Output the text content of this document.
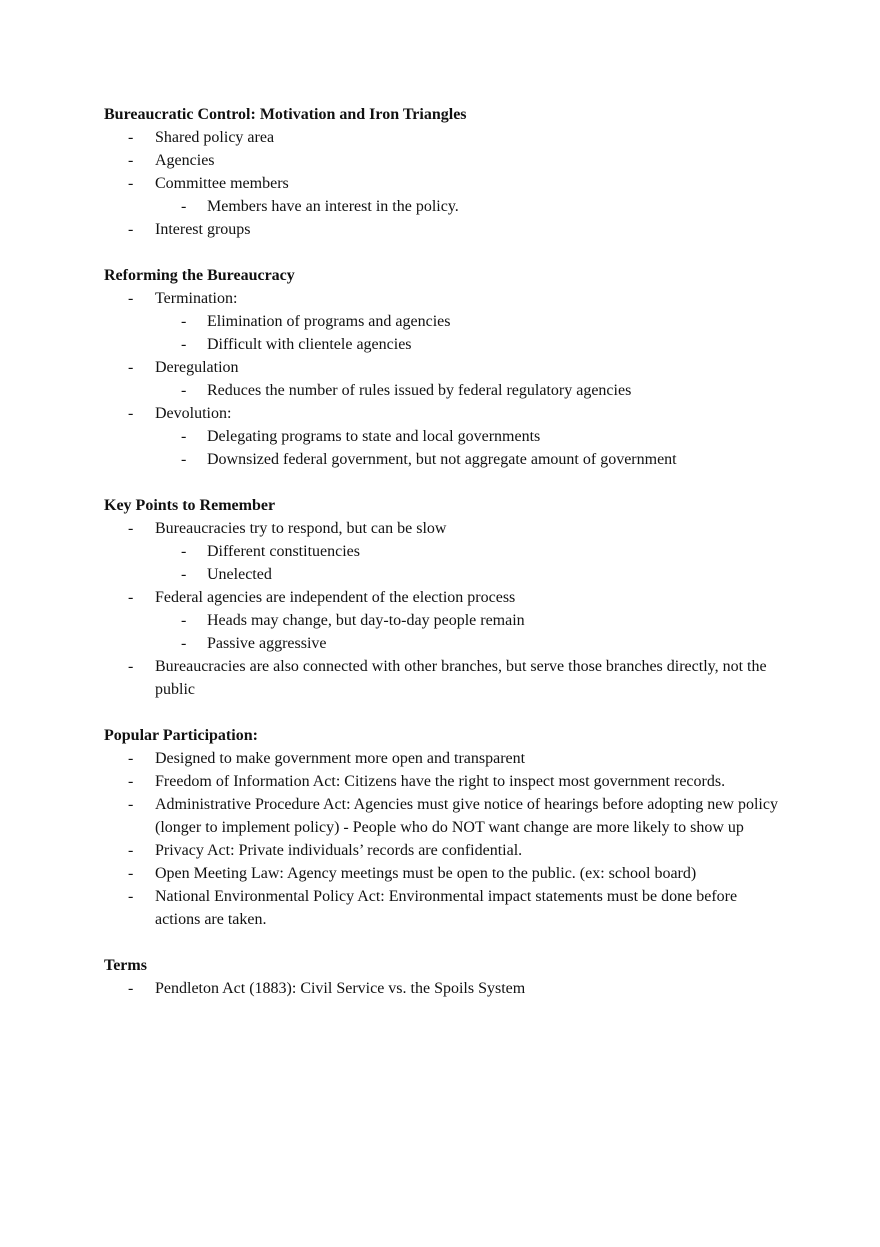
Bureaucratic Control: Motivation and Iron Triangles

- Shared policy area
- Agencies
- Committee members
- Members have an interest in the policy.
- Interest groups

Reforming the Bureaucracy

- Termination:
- Elimination of programs and agencies
- Difficult with clientele agencies
- Deregulation
- Reduces the number of rules issued by federal regulatory agencies
- Devolution:
- Delegating programs to state and local governments
- Downsized federal government, but not aggregate amount of government

Key Points to Remember

- Bureaucracies try to respond, but can be slow
- Different constituencies
- Unelected
- Federal agencies are independent of the election process
- Heads may change, but day-to-day people remain
- Passive aggressive
- Bureaucracies are also connected with other branches, but serve those branches directly, not the public

Popular Participation:

- Designed to make government more open and transparent
- Freedom of Information Act: Citizens have the right to inspect most government records.
- Administrative Procedure Act: Agencies must give notice of hearings before adopting new policy (longer to implement policy) - People who do NOT want change are more likely to show up
- Privacy Act: Private individuals’ records are confidential.
- Open Meeting Law: Agency meetings must be open to the public. (ex: school board)
- National Environmental Policy Act: Environmental impact statements must be done before actions are taken.

Terms

- Pendleton Act (1883): Civil Service vs. the Spoils System
